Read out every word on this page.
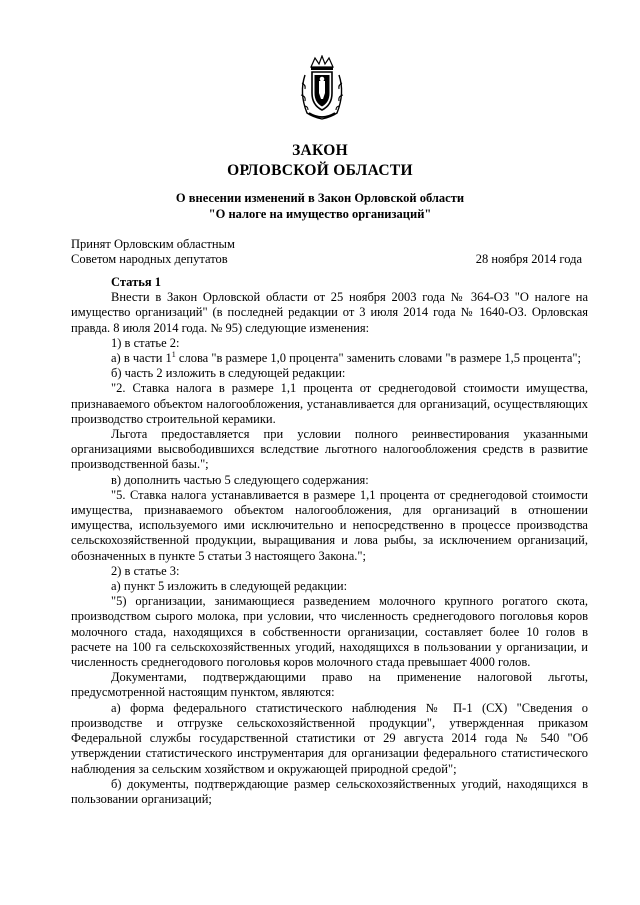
ЗАКОН
ОРЛОВСКОЙ ОБЛАСТИ
О внесении изменений в Закон Орловской области
"О налоге на имущество организаций"
Принят Орловским областным
Советом народных депутатов	28 ноября 2014 года

Статья 1

Внести в Закон Орловской области от 25 ноября 2003 года № 364-ОЗ "О налоге на имущество организаций" (в последней редакции от 3 июля 2014 года № 1640-ОЗ. Орловская правда. 8 июля 2014 года. № 95) следующие изменения:

1) в статье 2:

а) в части $1^1$ слова "в размере 1,0 процента" заменить словами "в размере 1,5 процента";

б) часть 2 изложить в следующей редакции:

"2. Ставка налога в размере 1,1 процента от среднегодовой стоимости имущества, признаваемого объектом налогообложения, устанавливается для организаций, осуществляющих производство строительной керамики.

Льгота предоставляется при условии полного реинвестирования указанными организациями высвободившихся вследствие льготного налогообложения средств в развитие производственной базы.";

в) дополнить частью 5 следующего содержания:

"5. Ставка налога устанавливается в размере 1,1 процента от среднегодовой стоимости имущества, признаваемого объектом налогообложения, для организаций в отношении имущества, используемого ими исключительно и непосредственно в процессе производства сельскохозяйственной продукции, выращивания и лова рыбы, за исключением организаций, обозначенных в пункте 5 статьи 3 настоящего Закона.";

2) в статье 3:

а) пункт 5 изложить в следующей редакции:

"5) организации, занимающиеся разведением молочного крупного рогатого скота, производством сырого молока, при условии, что численность среднегодового поголовья коров молочного стада, находящихся в собственности организации, составляет более 10 голов в расчете на 100 га сельскохозяйственных угодий, находящихся в пользовании у организации, и численность среднегодового поголовья коров молочного стада превышает 4000 голов.

Документами, подтверждающими право на применение налоговой льготы, предусмотренной настоящим пунктом, являются:

а) форма федерального статистического наблюдения № П-1 (СХ) "Сведения о производстве и отгрузке сельскохозяйственной продукции", утвержденная приказом Федеральной службы государственной статистики от 29 августа 2014 года № 540 "Об утверждении статистического инструментария для организации федерального статистического наблюдения за сельским хозяйством и окружающей природной средой";

б) документы, подтверждающие размер сельскохозяйственных угодий, находящихся в пользовании организаций;
